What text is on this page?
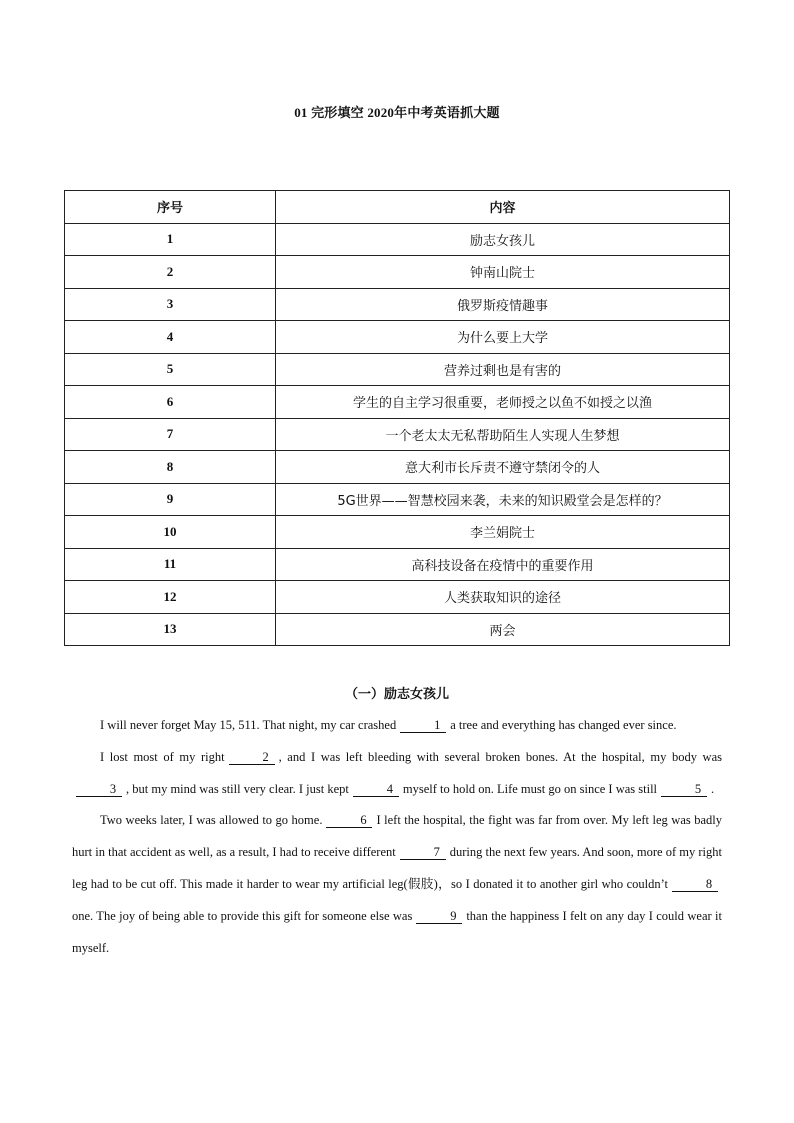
01 完形填空 2020年中考英语抓大题
序号	内容
1	励志女孩儿
2	钟南山院士
3	俄罗斯疫情趣事
4	为什么要上大学
5	营养过剩也是有害的
6	学生的自主学习很重要，老师授之以鱼不如授之以渔
7	一个老太太无私帮助陌生人实现人生梦想
8	意大利市长斥责不遵守禁闭令的人
9	5G世界——智慧校园来袭，未来的知识殿堂会是怎样的？
10	李兰娟院士
11	高科技设备在疫情中的重要作用
12	人类获取知识的途径
13	两会
（一）励志女孩儿

I will never forget May 15, 511. That night, my car crashed	1 a tree and everything has changed ever since.

I lost most of my right	2 , and I was left bleeding with several broken bones. At the hospital, my body was3 , but my mind was still very clear. I just kept	4 myself to hold on. Life must go on since I was still	5 .

Two weeks later, I was allowed to go home.	6 I left the hospital, the fight was far from over. My left leg was badly hurt in that accident as well, as a result, I had to receive different	7 during the next few years. And soon, more of my right leg had to be cut off. This made it harder to wear my artificial leg(假肢)，so I donated it to another girl who couldn’t	8one. The joy of being able to provide this gift for someone else was	9 than the happiness I felt on any day I could wear it myself.
